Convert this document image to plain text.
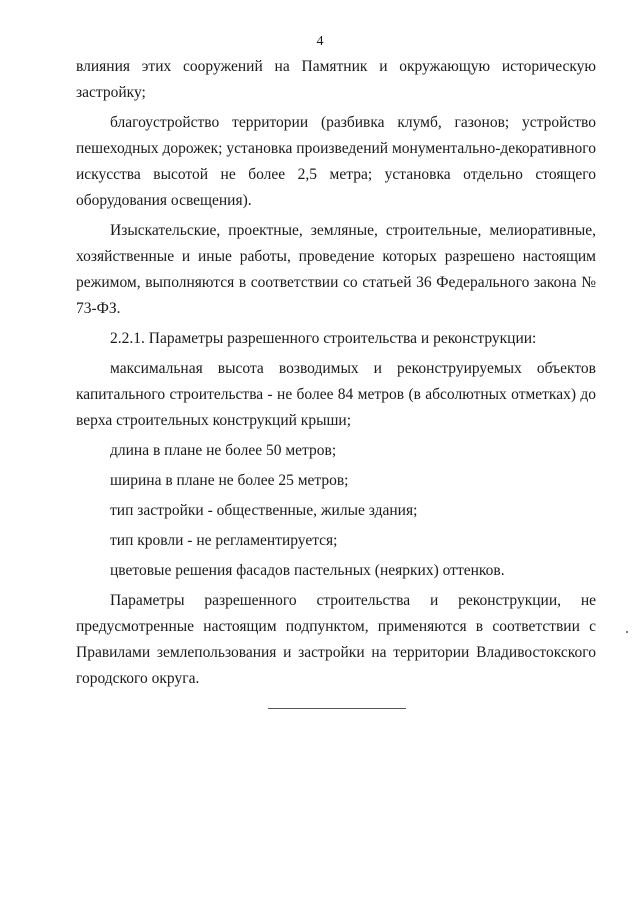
4

влияния этих сооружений на Памятник и окружающую историческую застройку;

благоустройство территории (разбивка клумб, газонов; устройство пешеходных дорожек; установка произведений монументально-декоративного искусства высотой не более 2,5 метра; установка отдельно стоящего оборудования освещения).

Изыскательские, проектные, земляные, строительные, мелиоративные, хозяйственные и иные работы, проведение которых разрешено настоящим режимом, выполняются в соответствии со статьей 36 Федерального закона № 73-ФЗ.

2.2.1. Параметры разрешенного строительства и реконструкции:

максимальная высота возводимых и реконструируемых объектов капитального строительства - не более 84 метров (в абсолютных отметках) до верха строительных конструкций крыши;

длина в плане не более 50 метров;

ширина в плане не более 25 метров;

тип застройки - общественные, жилые здания;

тип кровли - не регламентируется;

цветовые решения фасадов пастельных (неярких) оттенков.

Параметры разрешенного строительства и реконструкции, не предусмотренные настоящим подпунктом, применяются в соответствии с Правилами землепользования и застройки на территории Владивостокского городского округа.
